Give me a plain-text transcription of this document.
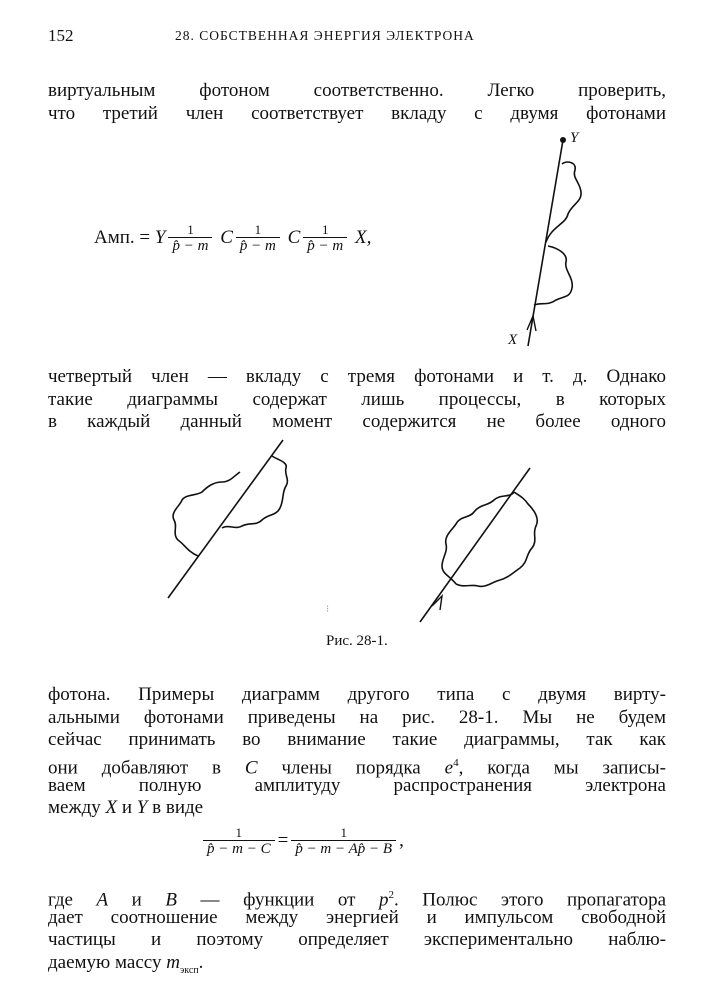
152	28. СОБСТВЕННАЯ ЭНЕРГИЯ ЭЛЕКТРОНА
виртуальным фотоном соответственно. Легко проверить,
что третий член соответствует вкладу с двумя фотонами
Амп. = Y $\frac{1}{p̂ - m}$ C $\frac{1}{p̂ - m}$ C $\frac{1}{p̂ - m} X$,
Y
X
четвертый член — вкладу с тремя фотонами и т. д. Однако
такие диаграммы содержат лишь процессы, в которых
в каждый данный момент содержится не более одного
⁝
Рис. 28-1.
фотона. Примеры диаграмм другого типа с двумя вирту-
альными фотонами приведены на рис. 28-1. Мы не будем
сейчас принимать во внимание такие диаграммы, так как
они добавляют в C члены порядка $e^4$, когда мы записы-
ваем полную амплитуду распространения электрона
между X и Y в виде
$\frac{1}{p̂ - m - C} = \frac{1}{p̂ - m - Ap̂ - B}$ ,
где A и B — функции от $p^2$. Полюс этого пропагатора
дает соотношение между энергией и импульсом свободной
частицы и поэтому определяет экспериментально наблю-
даемую массу $m_{эксп}$.
